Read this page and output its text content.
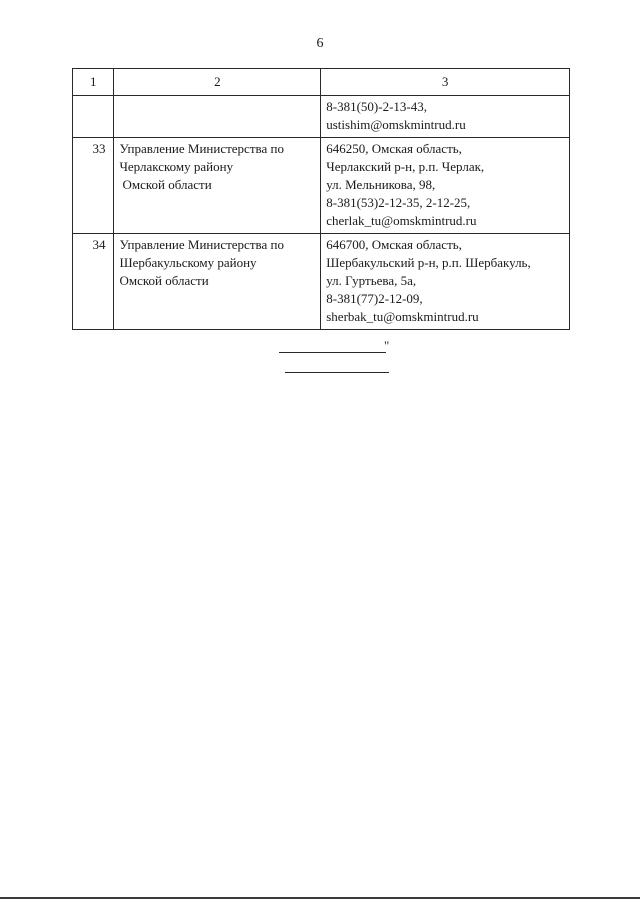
6
1	2	3

		8-381(50)-2-13-43,
ustishim@omskmintrud.ru

33	Управление Министерства по
Черлакскому району
Омской области	646250, Омская область,
Черлакский р-н, р.п. Черлак,
ул. Мельникова, 98,
8-381(53)2-12-35, 2-12-25,
cherlak_tu@omskmintrud.ru

34	Управление Министерства по
Шербакульскому району
Омской области	646700, Омская область,
Шербакульский р-н, р.п. Шербакуль,
ул. Гуртьева, 5а,
8-381(77)2-12-09,
sherbak_tu@omskmintrud.ru
"
